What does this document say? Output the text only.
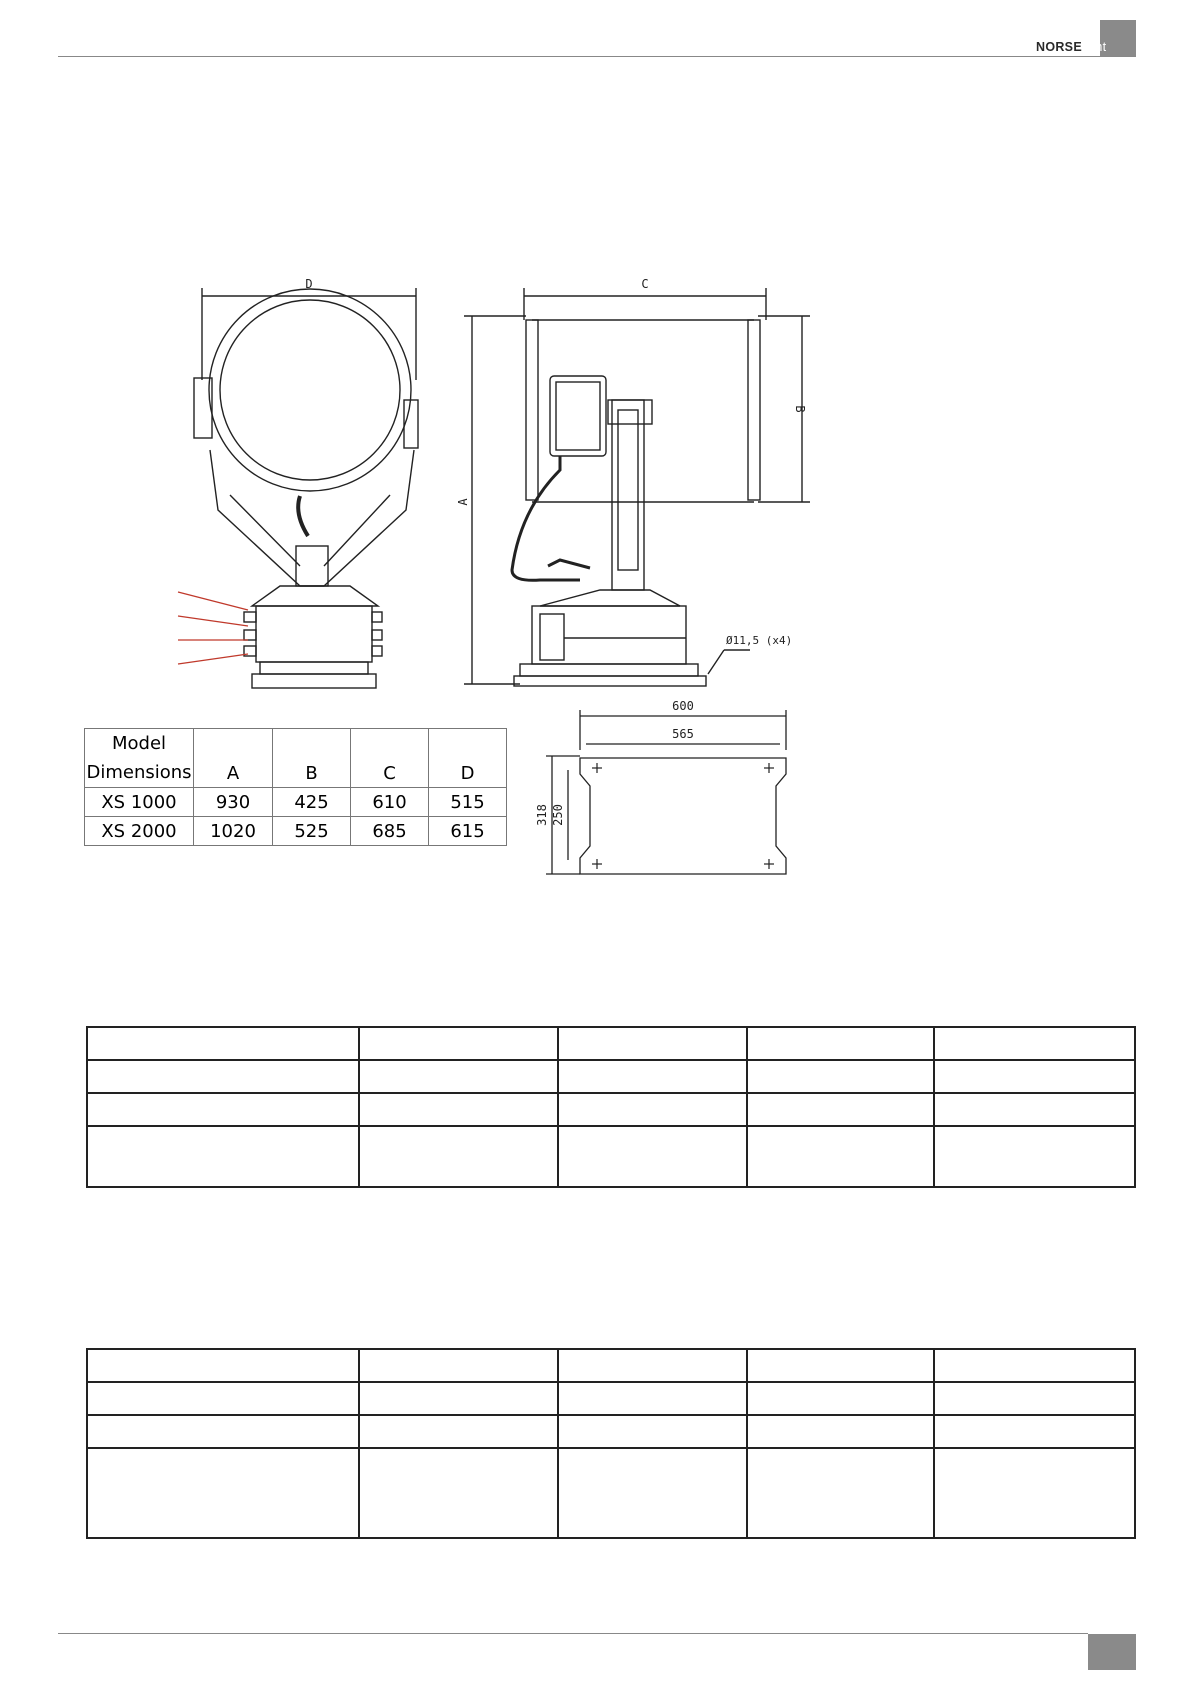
NORSElight
D	C
A
B
Ø11,5 (x4)
600
565
318 250
Model
Dimensions	A	B	C	D
XS 1000	930	425	610	515
XS 2000	1020	525	685	615
